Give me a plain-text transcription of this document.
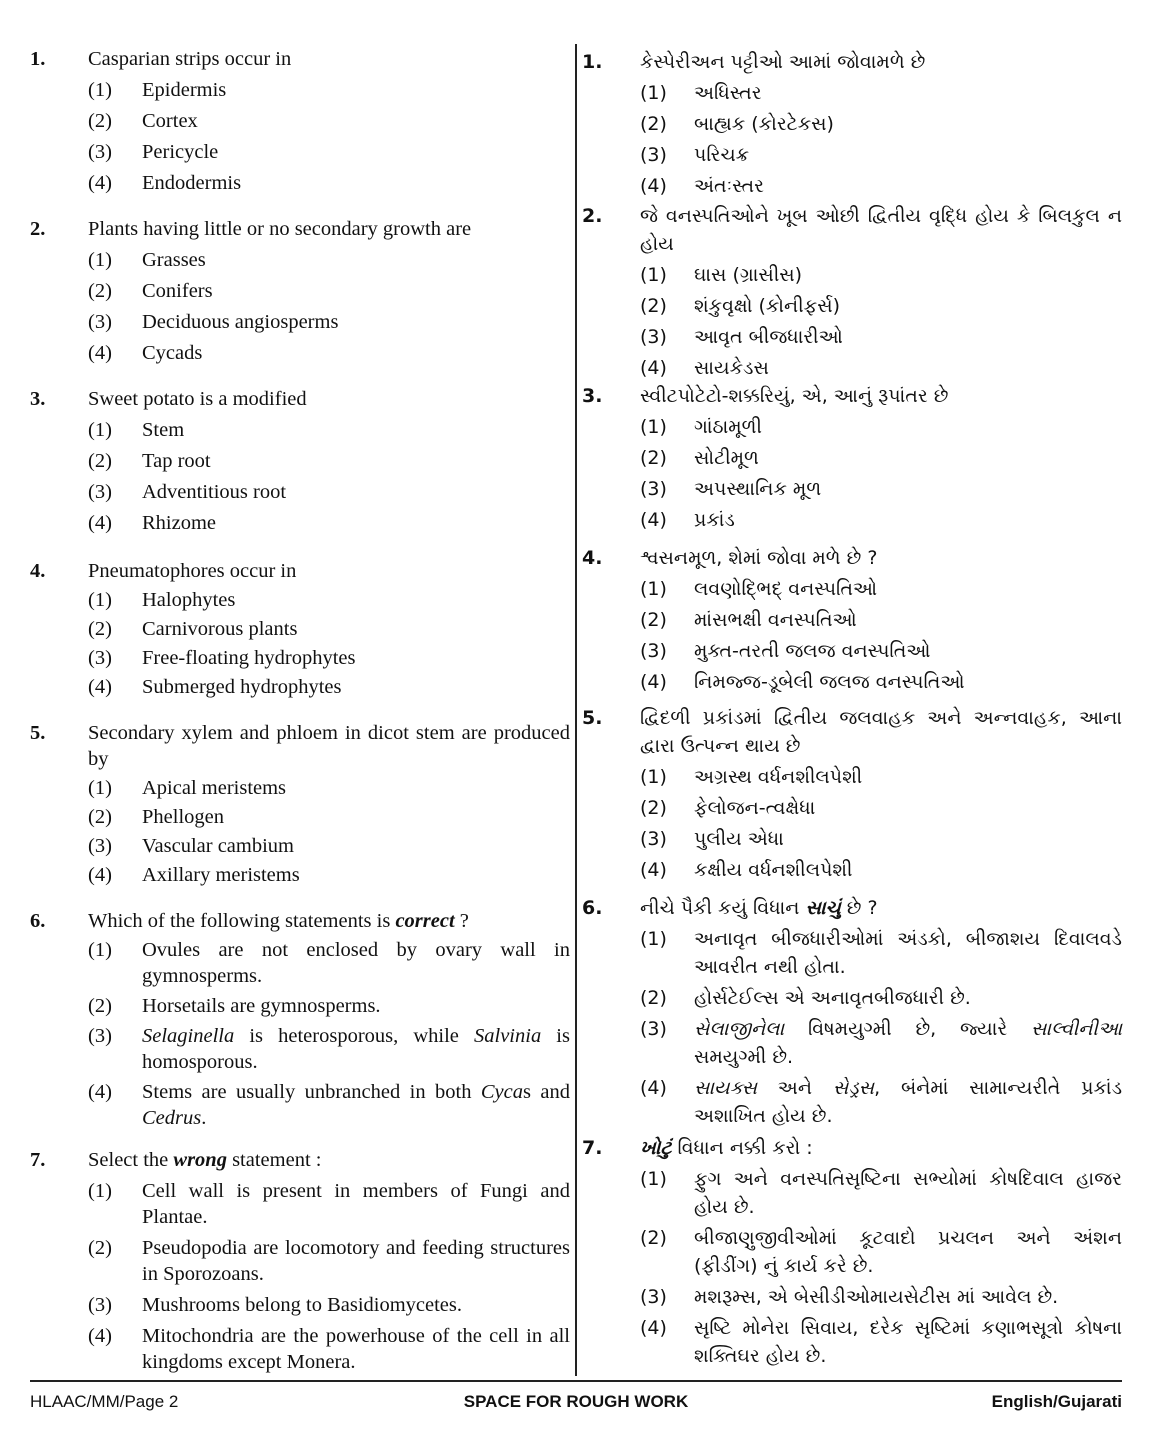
1.	Casparian strips occur in
(1)	Epidermis
(2)	Cortex
(3)	Pericycle
(4)	Endodermis
2.	Plants having little or no secondary growth are
(1)	Grasses
(2)	Conifers
(3)	Deciduous angiosperms
(4)	Cycads
3.	Sweet potato is a modified
(1)	Stem
(2)	Tap root
(3)	Adventitious root
(4)	Rhizome
4.	Pneumatophores occur in
(1)	Halophytes
(2)	Carnivorous plants
(3)	Free-floating hydrophytes
(4)	Submerged hydrophytes
5.	Secondary xylem and phloem in dicot stem are produced by
(1)	Apical meristems
(2)	Phellogen
(3)	Vascular cambium
(4)	Axillary meristems
6.	Which of the following statements is correct ?
(1)	Ovules are not enclosed by ovary wall in gymnosperms.
(2)	Horsetails are gymnosperms.
(3)	Selaginella is heterosporous, while Salvinia is homosporous.
(4)	Stems are usually unbranched in both Cycas and Cedrus.
7.	Select the wrong statement :
(1)	Cell wall is present in members of Fungi and Plantae.
(2)	Pseudopodia are locomotory and feeding structures in Sporozoans.
(3)	Mushrooms belong to Basidiomycetes.
(4)	Mitochondria are the powerhouse of the cell in all kingdoms except Monera.
1.	કેસ્પેરીઅન પટ્ટીઓ આમાં જોવામળે છે
(1)	અધિસ્તર
(2)	બાહ્યક (કોરટેકસ)
(3)	પરિચક્ર
(4)	અંતઃસ્તર
2.	જે વનસ્પતિઓને ખૂબ ઓછી દ્વિતીય વૃદ્ધિ હોય કે બિલકુલ ન હોય
(1)	ઘાસ (ગ્રાસીસ)
(2)	શંકુવૃક્ષો (કોનીફર્સ)
(3)	આવૃત બીજધારીઓ
(4)	સાયકેડસ
3.	સ્વીટપોટેટો-શક્કરિયું, એ, આનું રૂપાંતર છે
(1)	ગાંઠામૂળી
(2)	સોટીમૂળ
(3)	અપસ્થાનિક મૂળ
(4)	પ્રકાંડ
4.	શ્વસનમૂળ, શેમાં જોવા મળે છે ?
(1)	લવણોદ્ભિદ્ વનસ્પતિઓ
(2)	માંસભક્ષી વનસ્પતિઓ
(3)	મુક્ત-તરતી જલજ વનસ્પતિઓ
(4)	નિમજ્જ-ડૂબેલી જલજ વનસ્પતિઓ
5.	દ્વિદળી પ્રકાંડમાં દ્વિતીય જલવાહક અને અન્નવાહક, આના દ્વારા ઉત્પન્ન થાય છે
(1)	અગ્રસ્થ વર્ધનશીલપેશી
(2)	ફેલોજન-ત્વક્ષેધા
(3)	પુલીય એધા
(4)	કક્ષીય વર્ધનશીલપેશી
6.	નીચે પૈકી કયું વિધાન સાચું છે ?
(1)	અનાવૃત બીજધારીઓમાં અંડકો, બીજાશય દિવાલવડે આવરીત નથી હોતા.
(2)	હોર્સટેઈલ્સ એ અનાવૃતબીજધારી છે.
(3)	સેલાજીનેલા વિષમયુગ્મી છે, જ્યારે સાલ્વીનીઆ સમયુગ્મી છે.
(4)	સાયક્સ અને સેડ્રસ, બંનેમાં સામાન્યરીતે પ્રકાંડ અશાખિત હોય છે.
7.	ખોટું વિધાન નક્કી કરો :
(1)	ફુગ અને વનસ્પતિસૃષ્ટિના સભ્યોમાં કોષદિવાલ હાજર હોય છે.
(2)	બીજાણુજીવીઓમાં કૂટવાદો પ્રચલન અને અંશન (ફીડીંગ) નું કાર્ય કરે છે.
(3)	મશરૂમ્સ, એ બેસીડીઓમાયસેટીસ માં આવેલ છે.
(4)	સૃષ્ટિ મોનેરા સિવાય, દરેક સૃષ્ટિમાં કણાભસૂત્રો કોષના શક્તિઘર હોય છે.
HLAAC/MM/Page 2	SPACE FOR ROUGH WORK	English/Gujarati
